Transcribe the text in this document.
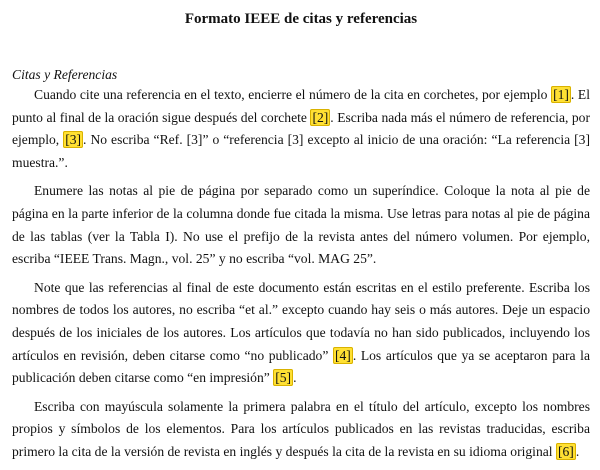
Formato IEEE de citas y referencias
Citas y Referencias

Cuando cite una referencia en el texto, encierre el número de la cita en corchetes, por ejemplo [1] . El punto al final de la oración sigue después del corchete [2] . Escriba nada más el número de referencia, por ejemplo, [3] . No escriba “Ref. [3]” o “referencia [3] excepto al inicio de una oración: “La referencia [3] muestra.”.

Enumere las notas al pie de página por separado como un superíndice. Coloque la nota al pie de página en la parte inferior de la columna donde fue citada la misma. Use letras para notas al pie de página de las tablas (ver la Tabla I). No use el prefijo de la revista antes del número volumen. Por ejemplo, escriba “IEEE Trans. Magn., vol. 25” y no escriba “vol. MAG 25”.

Note que las referencias al final de este documento están escritas en el estilo preferente. Escriba los nombres de todos los autores, no escriba “et al.” excepto cuando hay seis o más autores. Deje un espacio después de los iniciales de los autores. Los artículos que todavía no han sido publicados, incluyendo los artículos en revisión, deben citarse como “no publicado” [4] . Los artículos que ya se aceptaron para la publicación deben citarse como “en impresión” [5] .

Escriba con mayúscula solamente la primera palabra en el título del artículo, excepto los nombres propios y símbolos de los elementos. Para los artículos publicados en las revistas traducidas, escriba primero la cita de la versión de revista en inglés y después la cita de la revista en su idioma original [6] .
